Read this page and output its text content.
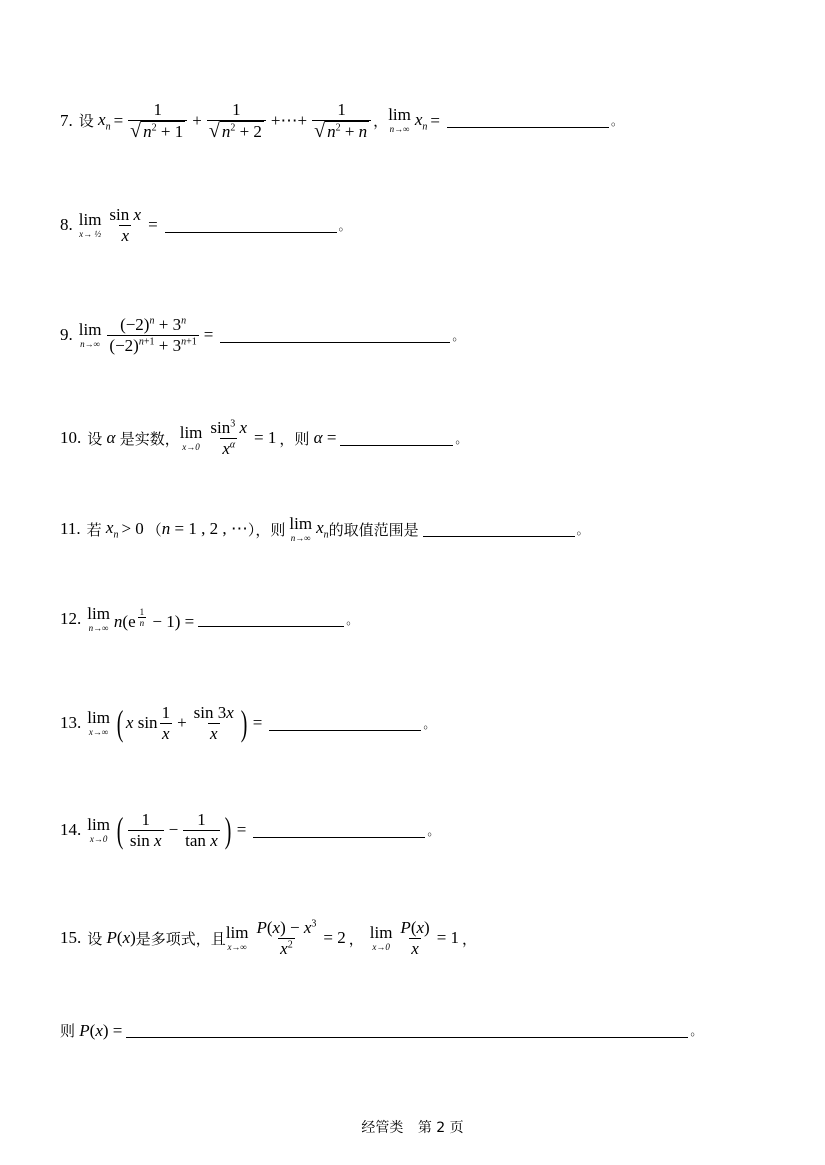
7. 设 $x_n = \frac{1}{√ n^2 + 1} + \frac{1}{√ n^2 + 2}$ +⋯+ $\frac{1}{√ n^2 + n}$ ， lim
n→∞
$x_n$ =	。
8. lim
x→ ½ $\frac{\text{sin x}}{x}$ =	。
9. lim
$n\to\infty \frac{(-2)^n + 3^n}{(-2)^{n+1} + 3^{n+1}}$ =	。
10. 设 α 是实数， lim
$x\to 0 \frac{\sin^3 x}{x^\alpha} = 1$ ，则 α =	。
11. 若 $x_n > 0$ （ n = 1 , 2 , ⋯ ），则 lim
n→∞
$x_n$ 的取值范围是	。
12. lim
n→∞ n(e $^{\frac{1}{n}}$ − 1) =	。
13. lim
x→∞ ( x $\sin \frac{1}{x} + \frac{\sin 3x}{x}$ ) =	。
14. lim
x→0 ( $\frac{1}{\text{sin x}} - \frac{1}{\text{tan x}}$ ) =	。
15. 设 P(x) 是多项式，且 lim
$x\to\infty \frac{P(x) - x^3}{x^2} = 2$ ， lim
$x\to 0 \frac{P(x)}{x} = 1$ ，
则 P(x) =	。
经管类 第 2 页
